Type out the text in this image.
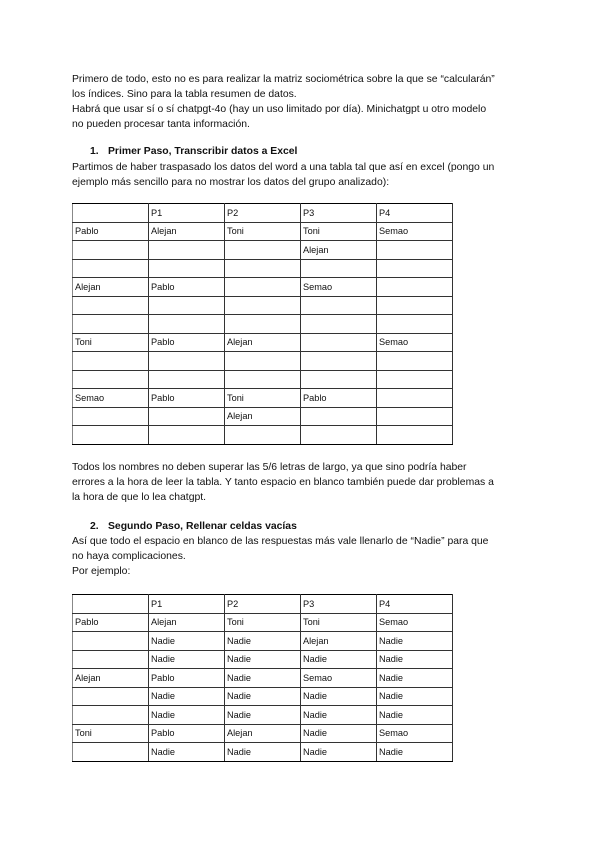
Primero de todo, esto no es para realizar la matriz sociométrica sobre la que se “calcularán”
los índices. Sino para la tabla resumen de datos.
Habrá que usar sí o sí chatpgt-4o (hay un uso limitado por día). Minichatgpt u otro modelo
no pueden procesar tanta información.

1. Primer Paso, Transcribir datos a Excel

Partimos de haber traspasado los datos del word a una tabla tal que así en excel (pongo un
ejemplo más sencillo para no mostrar los datos del grupo analizado):

	P1	P2	P3	P4
Pablo	Alejan	Toni	Toni	Semao
			Alejan	

Alejan	Pablo		Semao	

Toni	Pablo	Alejan		Semao

Semao	Pablo	Toni	Pablo	
		Alejan		

Todos los nombres no deben superar las 5/6 letras de largo, ya que sino podría haber
errores a la hora de leer la tabla. Y tanto espacio en blanco también puede dar problemas a
la hora de que lo lea chatgpt.

2. Segundo Paso, Rellenar celdas vacías

Así que todo el espacio en blanco de las respuestas más vale llenarlo de “Nadie” para que
no haya complicaciones.
Por ejemplo:

	P1	P2	P3	P4
Pablo	Alejan	Toni	Toni	Semao
	Nadie	Nadie	Alejan	Nadie
	Nadie	Nadie	Nadie	Nadie
Alejan	Pablo	Nadie	Semao	Nadie
	Nadie	Nadie	Nadie	Nadie
	Nadie	Nadie	Nadie	Nadie
Toni	Pablo	Alejan	Nadie	Semao
	Nadie	Nadie	Nadie	Nadie
